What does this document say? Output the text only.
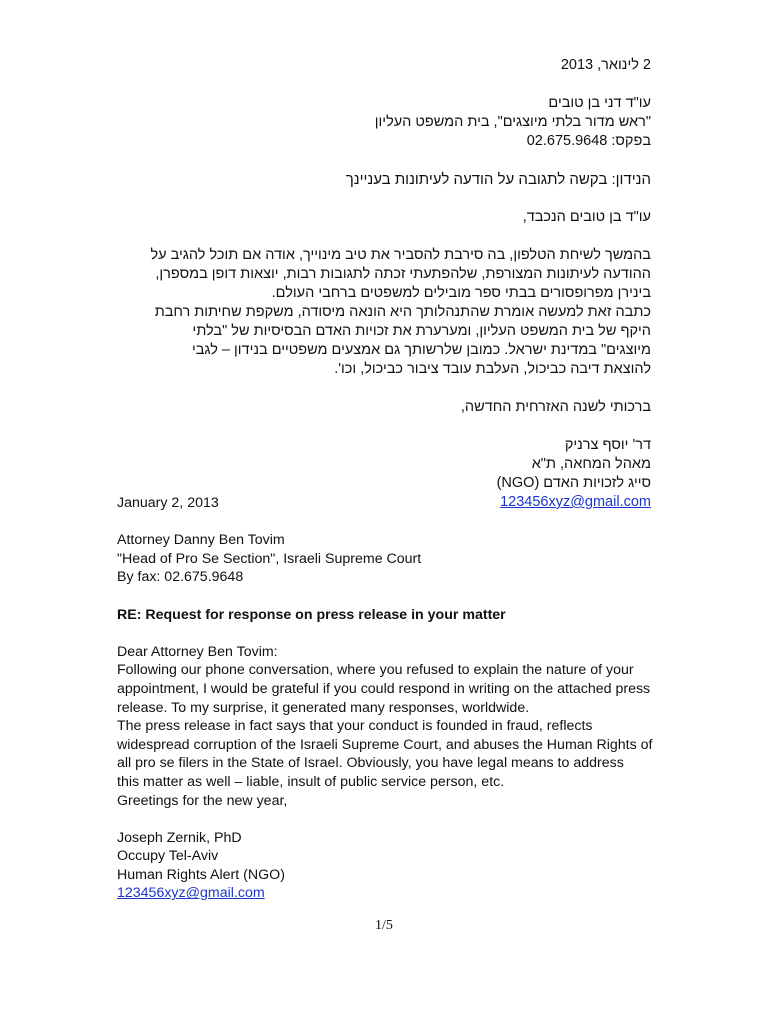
2 לינואר, 2013

עו"ד דני בן טובים

"ראש מדור בלתי מיוצגים", בית המשפט העליון

בפקס: 02.675.9648

הנידון: בקשה לתגובה על הודעה לעיתונות בעניינך

עו"ד בן טובים הנכבד,

בהמשך לשיחת הטלפון, בה סירבת להסביר את טיב מינוייך, אודה אם תוכל להגיב על

ההודעה לעיתונות המצורפת, שלהפתעתי זכתה לתגובות רבות, יוצאות דופן במספרן,

בינירן מפרופסורים בבתי ספר מובילים למשפטים ברחבי העולם.

כתבה זאת למעשה אומרת שהתנהלותך היא הונאה מיסודה, משקפת שחיתות רחבת

היקף של בית המשפט העליון, ומערערת את זכויות האדם הבסיסיות של "בלתי

מיוצגים" במדינת ישראל. כמובן שלרשותך גם אמצעים משפטיים בנידון – לגבי

להוצאת דיבה כביכול, העלבת עובד ציבור כביכול, וכו'.

ברכותי לשנה האזרחית החדשה,

דר' יוסף צרניק

מאהל המחאה, ת"א

סייג לזכויות האדם (NGO)

123456xyz@gmail.com

January 2, 2013

Attorney Danny Ben Tovim

"Head of Pro Se Section", Israeli Supreme Court

By fax: 02.675.9648

RE: Request for response on press release in your matter

Dear Attorney Ben Tovim:

Following our phone conversation, where you refused to explain the nature of your

appointment, I would be grateful if you could respond in writing on the attached press

release. To my surprise, it generated many responses, worldwide.

The press release in fact says that your conduct is founded in fraud, reflects

widespread corruption of the Israeli Supreme Court, and abuses the Human Rights of

all pro se filers in the State of Israel. Obviously, you have legal means to address

this matter as well – liable, insult of public service person, etc.

Greetings for the new year,

Joseph Zernik, PhD

Occupy Tel-Aviv

Human Rights Alert (NGO)

123456xyz@gmail.com

1/5
